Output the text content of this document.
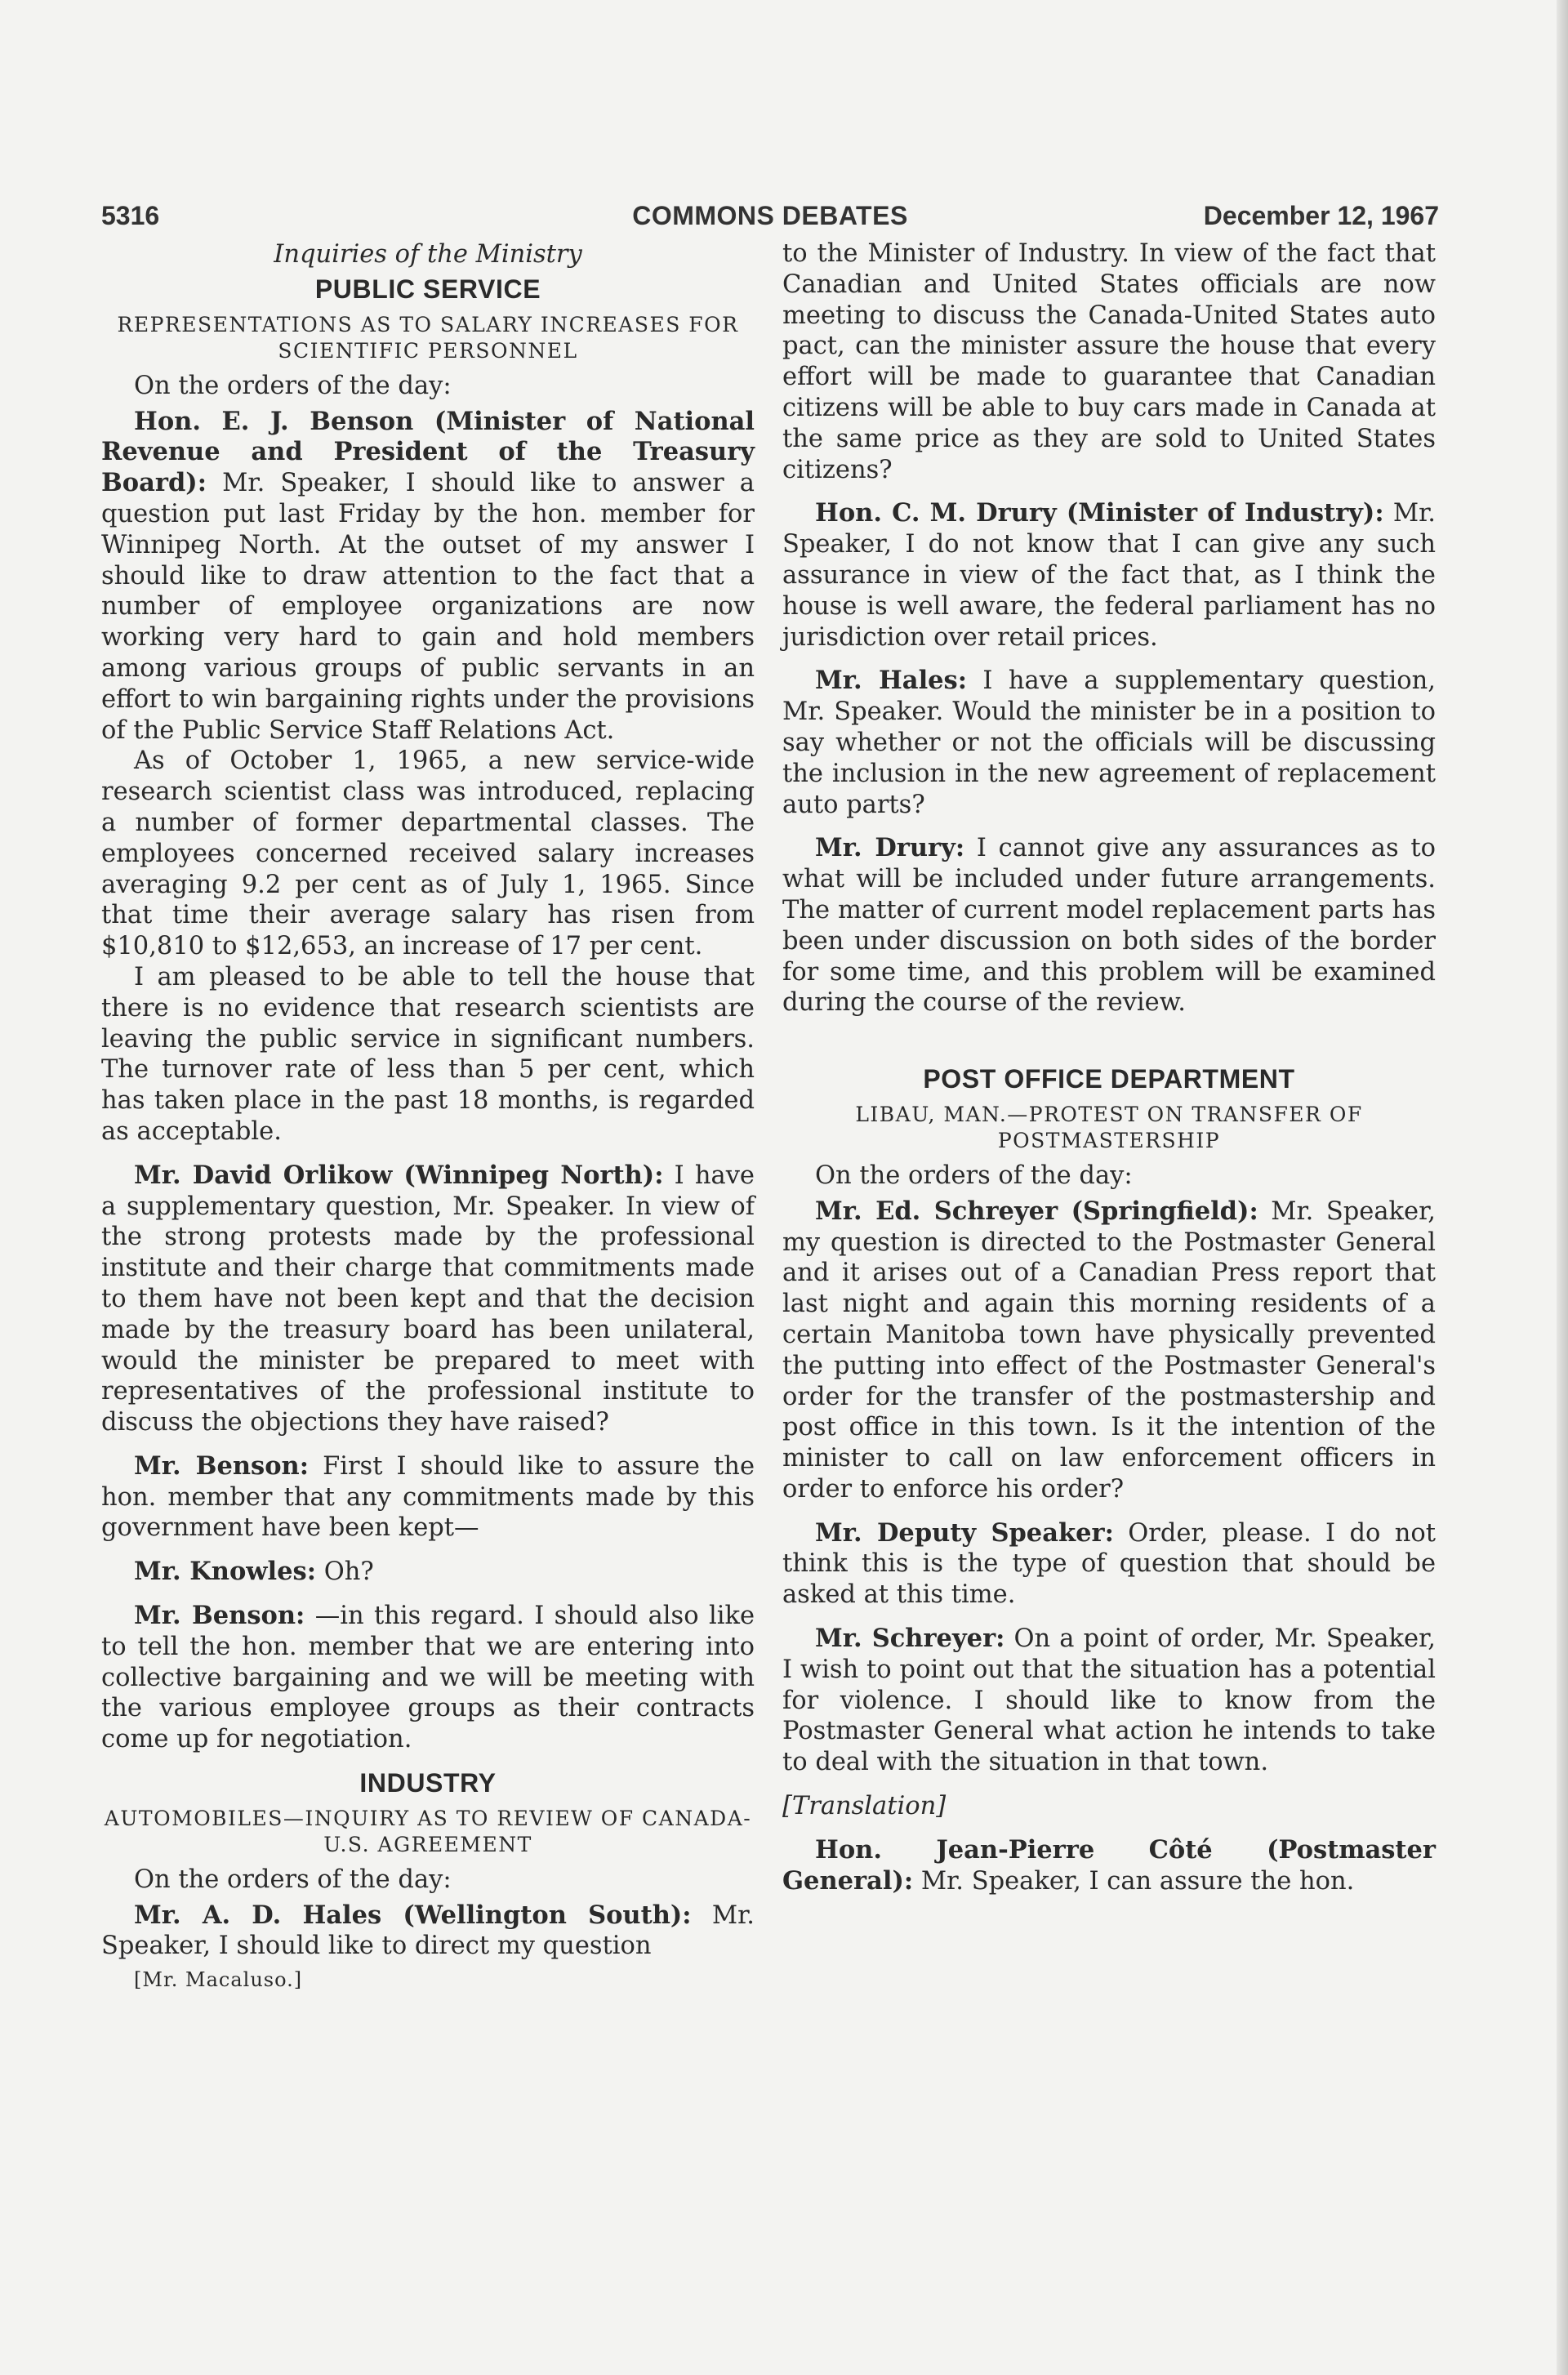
5316	COMMONS DEBATES	December 12, 1967

Inquiries of the Ministry

PUBLIC SERVICE
REPRESENTATIONS AS TO SALARY INCREASES FOR SCIENTIFIC PERSONNEL

On the orders of the day:

Hon. E. J. Benson (Minister of National Revenue and President of the Treasury Board): Mr. Speaker, I should like to answer a question put last Friday by the hon. member for Winnipeg North. At the outset of my answer I should like to draw attention to the fact that a number of employee organizations are now working very hard to gain and hold members among various groups of public servants in an effort to win bargaining rights under the provisions of the Public Service Staff Relations Act.

As of October 1, 1965, a new service-wide research scientist class was introduced, replacing a number of former departmental classes. The employees concerned received salary increases averaging 9.2 per cent as of July 1, 1965. Since that time their average salary has risen from $10,810 to $12,653, an increase of 17 per cent.

I am pleased to be able to tell the house that there is no evidence that research scientists are leaving the public service in significant numbers. The turnover rate of less than 5 per cent, which has taken place in the past 18 months, is regarded as acceptable.

Mr. David Orlikow (Winnipeg North): I have a supplementary question, Mr. Speaker. In view of the strong protests made by the professional institute and their charge that commitments made to them have not been kept and that the decision made by the treasury board has been unilateral, would the minister be prepared to meet with representatives of the professional institute to discuss the objections they have raised?

Mr. Benson: First I should like to assure the hon. member that any commitments made by this government have been kept—

Mr. Knowles: Oh?

Mr. Benson: —in this regard. I should also like to tell the hon. member that we are entering into collective bargaining and we will be meeting with the various employee groups as their contracts come up for negotiation.

INDUSTRY
AUTOMOBILES—INQUIRY AS TO REVIEW OF CANADA-U.S. AGREEMENT

On the orders of the day:

Mr. A. D. Hales (Wellington South): Mr. Speaker, I should like to direct my question

[Mr. Macaluso.]

to the Minister of Industry. In view of the fact that Canadian and United States officials are now meeting to discuss the Canada-United States auto pact, can the minister assure the house that every effort will be made to guarantee that Canadian citizens will be able to buy cars made in Canada at the same price as they are sold to United States citizens?

Hon. C. M. Drury (Minister of Industry): Mr. Speaker, I do not know that I can give any such assurance in view of the fact that, as I think the house is well aware, the federal parliament has no jurisdiction over retail prices.

Mr. Hales: I have a supplementary question, Mr. Speaker. Would the minister be in a position to say whether or not the officials will be discussing the inclusion in the new agreement of replacement auto parts?

Mr. Drury: I cannot give any assurances as to what will be included under future arrangements. The matter of current model replacement parts has been under discussion on both sides of the border for some time, and this problem will be examined during the course of the review.

POST OFFICE DEPARTMENT
LIBAU, MAN.—PROTEST ON TRANSFER OF POSTMASTERSHIP

On the orders of the day:

Mr. Ed. Schreyer (Springfield): Mr. Speaker, my question is directed to the Postmaster General and it arises out of a Canadian Press report that last night and again this morning residents of a certain Manitoba town have physically prevented the putting into effect of the Postmaster General's order for the transfer of the postmastership and post office in this town. Is it the intention of the minister to call on law enforcement officers in order to enforce his order?

Mr. Deputy Speaker: Order, please. I do not think this is the type of question that should be asked at this time.

Mr. Schreyer: On a point of order, Mr. Speaker, I wish to point out that the situation has a potential for violence. I should like to know from the Postmaster General what action he intends to take to deal with the situation in that town.

[Translation]

Hon. Jean-Pierre Côté (Postmaster General): Mr. Speaker, I can assure the hon.
